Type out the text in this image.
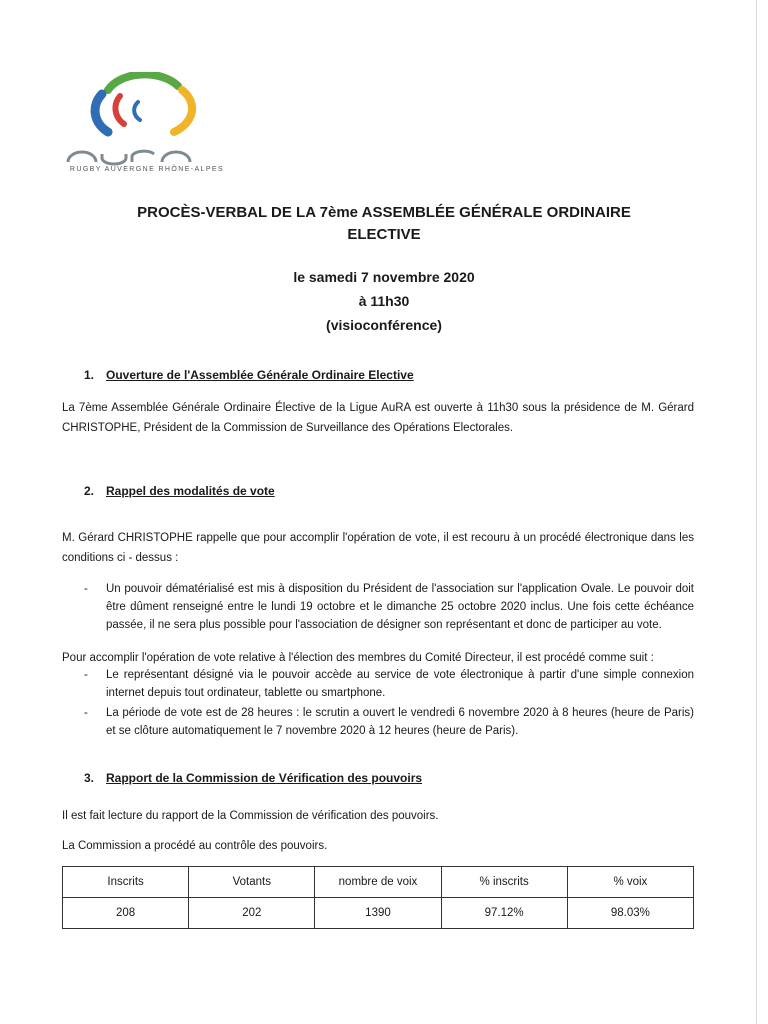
RUGBY AUVERGNE RHÔNE-ALPES
PROCÈS-VERBAL DE LA 7ème ASSEMBLÉE GÉNÉRALE ORDINAIRE
ELECTIVE
le samedi 7 novembre 2020
à 11h30
(visioconférence)
1. Ouverture de l'Assemblée Générale Ordinaire Elective
La 7ème Assemblée Générale Ordinaire Élective de la Ligue AuRA est ouverte à 11h30 sous la présidence de M. Gérard CHRISTOPHE, Président de la Commission de Surveillance des Opérations Electorales.
2. Rappel des modalités de vote
M. Gérard CHRISTOPHE rappelle que pour accomplir l'opération de vote, il est recouru à un procédé électronique dans les conditions ci - dessus :
- Un pouvoir dématérialisé est mis à disposition du Président de l'association sur l'application Ovale. Le pouvoir doit être dûment renseigné entre le lundi 19 octobre et le dimanche 25 octobre 2020 inclus. Une fois cette échéance passée, il ne sera plus possible pour l'association de désigner son représentant et donc de participer au vote.
Pour accomplir l'opération de vote relative à l'élection des membres du Comité Directeur, il est procédé comme suit :
- Le représentant désigné via le pouvoir accède au service de vote électronique à partir d'une simple connexion internet depuis tout ordinateur, tablette ou smartphone.
- La période de vote est de 28 heures : le scrutin a ouvert le vendredi 6 novembre 2020 à 8 heures (heure de Paris) et se clôture automatiquement le 7 novembre 2020 à 12 heures (heure de Paris).
3. Rapport de la Commission de Vérification des pouvoirs
Il est fait lecture du rapport de la Commission de vérification des pouvoirs.
La Commission a procédé au contrôle des pouvoirs.
Inscrits	Votants	nombre de voix	% inscrits	% voix
208	202	1390	97.12%	98.03%
